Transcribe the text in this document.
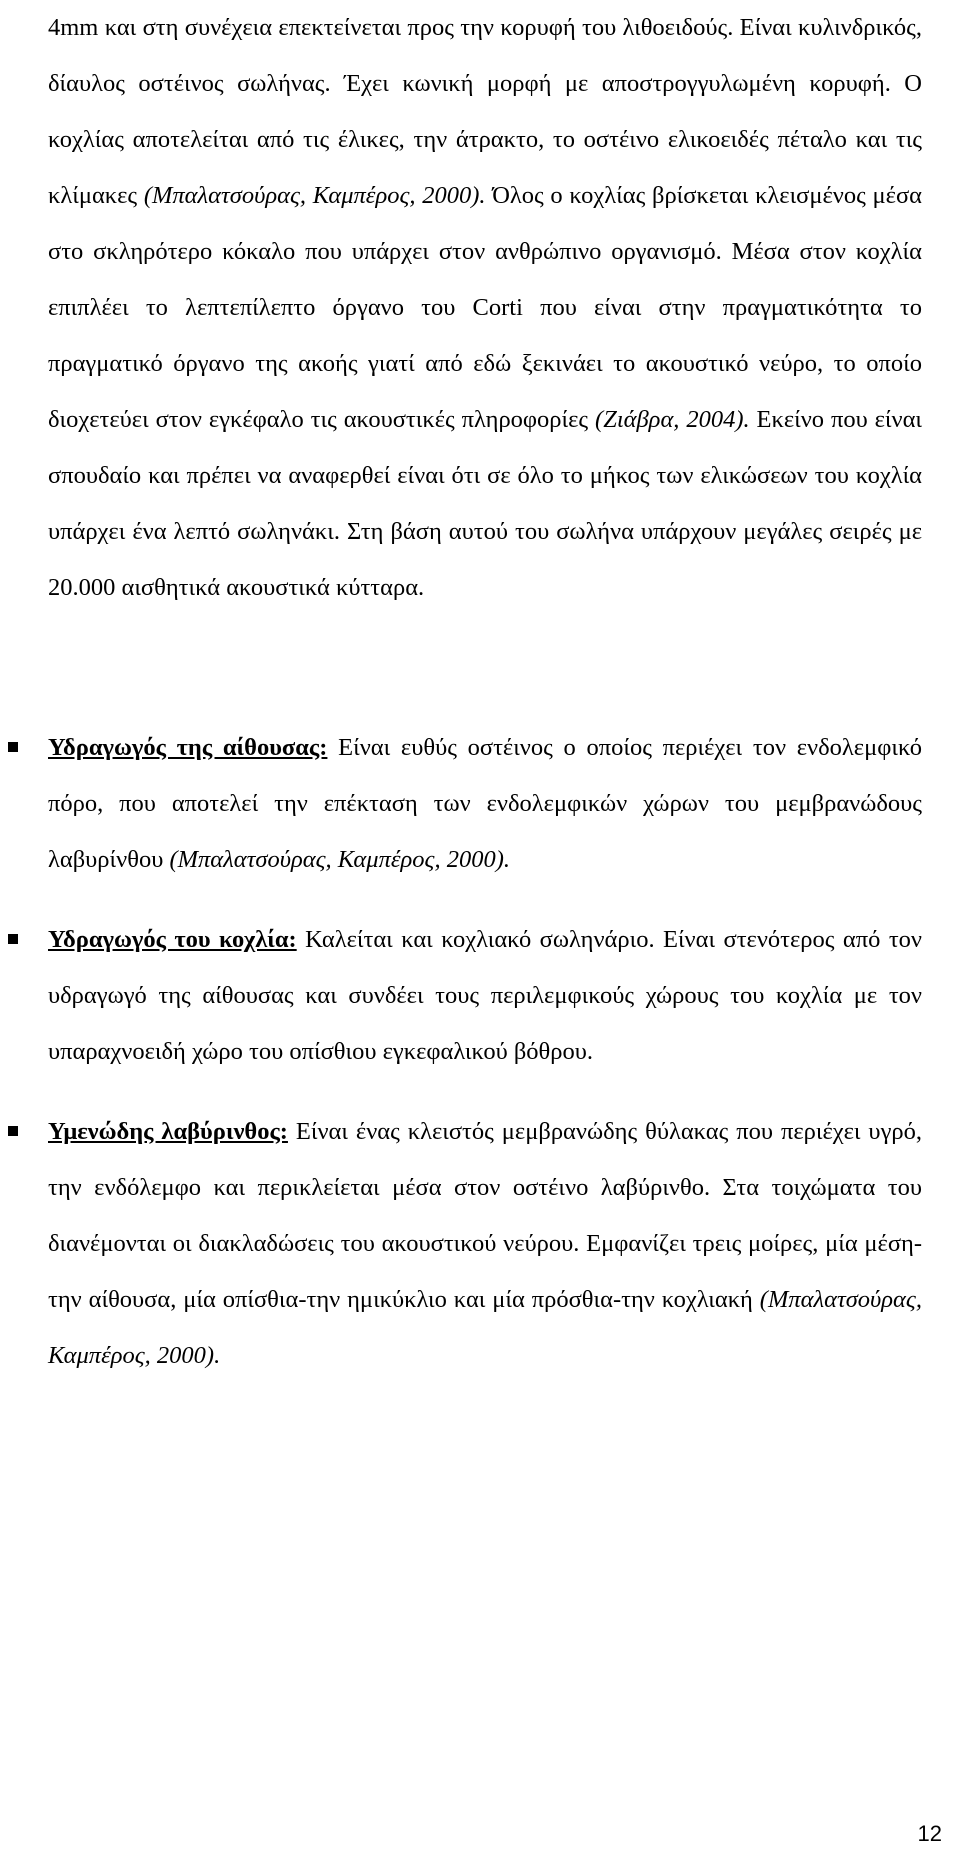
4mm και στη συνέχεια επεκτείνεται προς την κορυφή του λιθοειδούς. Είναι κυλινδρικός, δίαυλος οστέινος σωλήνας. Έχει κωνική μορφή με αποστρογγυλωμένη κορυφή. Ο κοχλίας αποτελείται από τις έλικες, την άτρακτο, το οστέινο ελικοειδές πέταλο και τις κλίμακες (Μπαλατσούρας, Καμπέρος, 2000). Όλος ο κοχλίας βρίσκεται κλεισμένος μέσα στο σκληρότερο κόκαλο που υπάρχει στον ανθρώπινο οργανισμό. Μέσα στον κοχλία επιπλέει το λεπτεπίλεπτο όργανο του Corti που είναι στην πραγματικότητα το πραγματικό όργανο της ακοής γιατί από εδώ ξεκινάει το ακουστικό νεύρο, το οποίο διοχετεύει στον εγκέφαλο τις ακουστικές πληροφορίες (Ζιάβρα, 2004). Εκείνο που είναι σπουδαίο και πρέπει να αναφερθεί είναι ότι σε όλο το μήκος των ελικώσεων του κοχλία υπάρχει ένα λεπτό σωληνάκι. Στη βάση αυτού του σωλήνα υπάρχουν μεγάλες σειρές με 20.000 αισθητικά ακουστικά κύτταρα.

Υδραγωγός της αίθουσας: Είναι ευθύς οστέινος ο οποίος περιέχει τον ενδολεμφικό πόρο, που αποτελεί την επέκταση των ενδολεμφικών χώρων του μεμβρανώδους λαβυρίνθου (Μπαλατσούρας, Καμπέρος, 2000).
Υδραγωγός του κοχλία: Καλείται και κοχλιακό σωληνάριο. Είναι στενότερος από τον υδραγωγό της αίθουσας και συνδέει τους περιλεμφικούς χώρους του κοχλία με τον υπαραχνοειδή χώρο του οπίσθιου εγκεφαλικού βόθρου.
Υμενώδης λαβύρινθος: Είναι ένας κλειστός μεμβρανώδης θύλακας που περιέχει υγρό, την ενδόλεμφο και περικλείεται μέσα στον οστέινο λαβύρινθο. Στα τοιχώματα του διανέμονται οι διακλαδώσεις του ακουστικού νεύρου. Εμφανίζει τρεις μοίρες, μία μέση-την αίθουσα, μία οπίσθια-την ημικύκλιο και μία πρόσθια-την κοχλιακή (Μπαλατσούρας, Καμπέρος, 2000).
12
